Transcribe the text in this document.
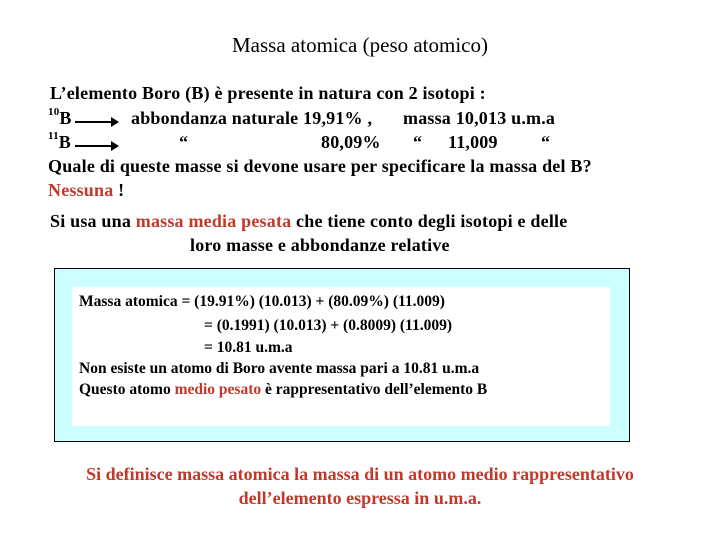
Massa atomica (peso atomico)
L’elemento Boro (B) è presente in natura con 2 isotopi :
$^{10}$B	abbondanza naturale 19,91% , massa 10,013 u.m.a
$^{11}$B	“	80,09% “ 11,009 “
Quale di queste masse si devone usare per specificare la massa del B?
Nessuna !
Si usa una massa media pesata che tiene conto degli isotopi e delle
loro masse e abbondanze relative
Massa atomica = (19.91%) (10.013) + (80.09%) (11.009)
= (0.1991) (10.013) + (0.8009) (11.009)
= 10.81 u.m.a
Non esiste un atomo di Boro avente massa pari a 10.81 u.m.a
Questo atomo medio pesato è rappresentativo dell’elemento B
Si definisce massa atomica la massa di un atomo medio rappresentativo
dell’elemento espressa in u.m.a.
